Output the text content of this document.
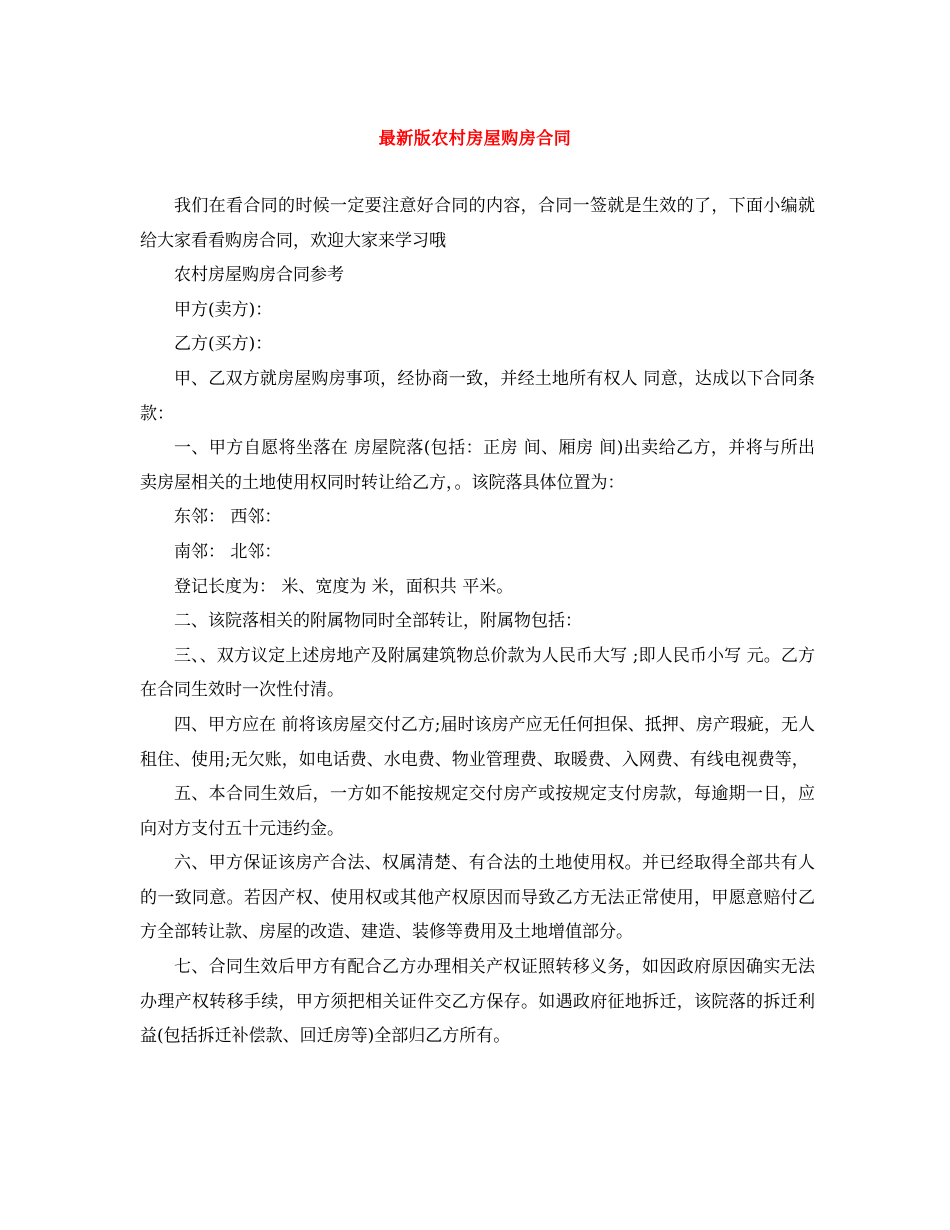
最新版农村房屋购房合同

我们在看合同的时候一定要注意好合同的内容，合同一签就是生效的了，下面小编就给大家看看购房合同，欢迎大家来学习哦

农村房屋购房合同参考

甲方(卖方)：

乙方(买方)：

甲、乙双方就房屋购房事项，经协商一致，并经土地所有权人 同意，达成以下合同条款：

一、甲方自愿将坐落在 房屋院落(包括：正房 间、厢房 间)出卖给乙方，并将与所出卖房屋相关的土地使用权同时转让给乙方，。该院落具体位置为：

东邻： 西邻：

南邻： 北邻：

登记长度为： 米、宽度为 米，面积共 平米。

二、该院落相关的附属物同时全部转让，附属物包括：

三、、双方议定上述房地产及附属建筑物总价款为人民币大写 ;即人民币小写 元。乙方在合同生效时一次性付清。

四、甲方应在 前将该房屋交付乙方;届时该房产应无任何担保、抵押、房产瑕疵，无人租住、使用;无欠账，如电话费、水电费、物业管理费、取暖费、入网费、有线电视费等，

五、本合同生效后，一方如不能按规定交付房产或按规定支付房款，每逾期一日，应向对方支付五十元违约金。

六、甲方保证该房产合法、权属清楚、有合法的土地使用权。并已经取得全部共有人的一致同意。若因产权、使用权或其他产权原因而导致乙方无法正常使用，甲愿意赔付乙方全部转让款、房屋的改造、建造、装修等费用及土地增值部分。

七、合同生效后甲方有配合乙方办理相关产权证照转移义务，如因政府原因确实无法办理产权转移手续，甲方须把相关证件交乙方保存。如遇政府征地拆迁，该院落的拆迁利益(包括拆迁补偿款、回迁房等)全部归乙方所有。
